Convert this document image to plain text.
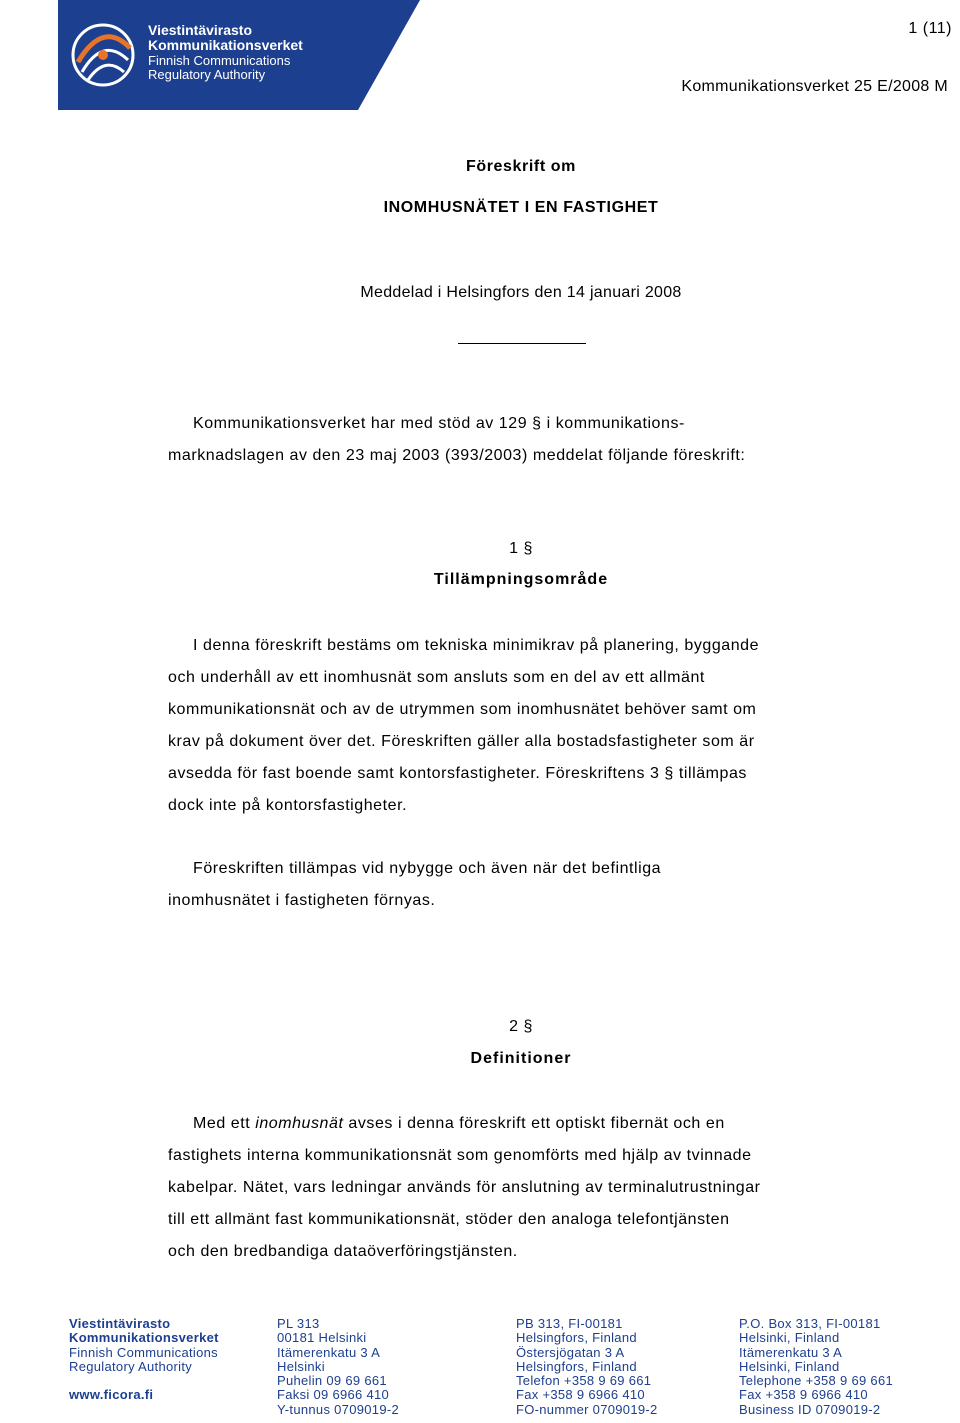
Viestintävirasto
Kommunikationsverket
Finnish Communications
Regulatory Authority
1 (11)
Kommunikationsverket 25 E/2008 M
Föreskrift om
INOMHUSNÄTET I EN FASTIGHET
Meddelad i Helsingfors den 14 januari 2008
Kommunikationsverket har med stöd av 129 § i kommunikations-
marknadslagen av den 23 maj 2003 (393/2003) meddelat följande föreskrift:
1 §
Tillämpningsområde
I denna föreskrift bestäms om tekniska minimikrav på planering, byggande
och underhåll av ett inomhusnät som ansluts som en del av ett allmänt
kommunikationsnät och av de utrymmen som inomhusnätet behöver samt om
krav på dokument över det. Föreskriften gäller alla bostadsfastigheter som är
avsedda för fast boende samt kontorsfastigheter. Föreskriftens 3 § tillämpas
dock inte på kontorsfastigheter.
Föreskriften tillämpas vid nybygge och även när det befintliga
inomhusnätet i fastigheten förnyas.
2 §
Definitioner
Med ett inomhusnät avses i denna föreskrift ett optiskt fibernät och en
fastighets interna kommunikationsnät som genomförts med hjälp av tvinnade
kabelpar. Nätet, vars ledningar används för anslutning av terminalutrustningar
till ett allmänt fast kommunikationsnät, stöder den analoga telefontjänsten
och den bredbandiga dataöverföringstjänsten.
Viestintävirasto
Kommunikationsverket
Finnish Communications
Regulatory Authority

www.ficora.fi
PL 313
00181 Helsinki
Itämerenkatu 3 A
Helsinki
Puhelin 09 69 661
Faksi 09 6966 410
Y-tunnus 0709019-2
PB 313, FI-00181
Helsingfors, Finland
Östersjögatan 3 A
Helsingfors, Finland
Telefon +358 9 69 661
Fax +358 9 6966 410
FO-nummer 0709019-2
P.O. Box 313, FI-00181
Helsinki, Finland
Itämerenkatu 3 A
Helsinki, Finland
Telephone +358 9 69 661
Fax +358 9 6966 410
Business ID 0709019-2
